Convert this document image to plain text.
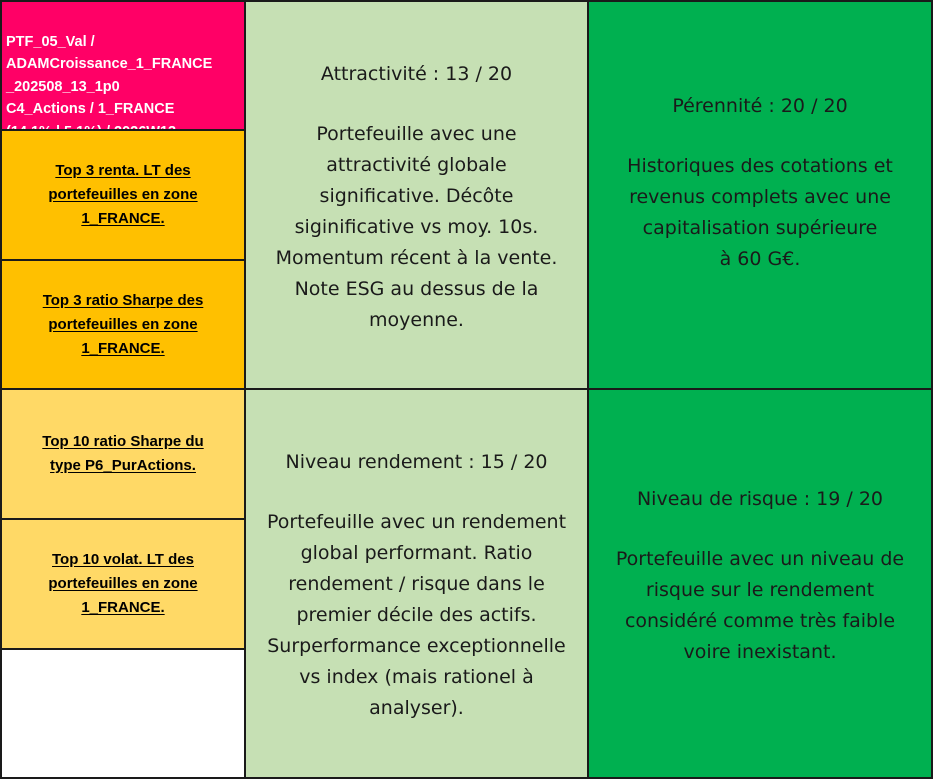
PTF_05_Val /
ADAMCroissance_1_FRANCE
_202508_13_1p0
C4_Actions / 1_FRANCE

Top 3 renta. LT des
portefeuilles en zone
1_FRANCE.
Top 3 ratio Sharpe des
portefeuilles en zone
1_FRANCE.
Top 10 ratio Sharpe du
type P6_PurActions.
Top 10 volat. LT des
portefeuilles en zone
1_FRANCE.
Attractivité : 13 / 20
Portefeuille avec une
attractivité globale
significative. Décôte
siginificative vs moy. 10s.
Momentum récent à la vente.
Note ESG au dessus de la
moyenne.
Niveau rendement : 15 / 20
Portefeuille avec un rendement
global performant. Ratio
rendement / risque dans le
premier décile des actifs.
Surperformance exceptionnelle
vs index (mais rationel à
analyser).
Pérennité : 20 / 20
Historiques des cotations et
revenus complets avec une
capitalisation supérieure
à 60 G€.
Niveau de risque : 19 / 20
Portefeuille avec un niveau de
risque sur le rendement
considéré comme très faible
voire inexistant.
